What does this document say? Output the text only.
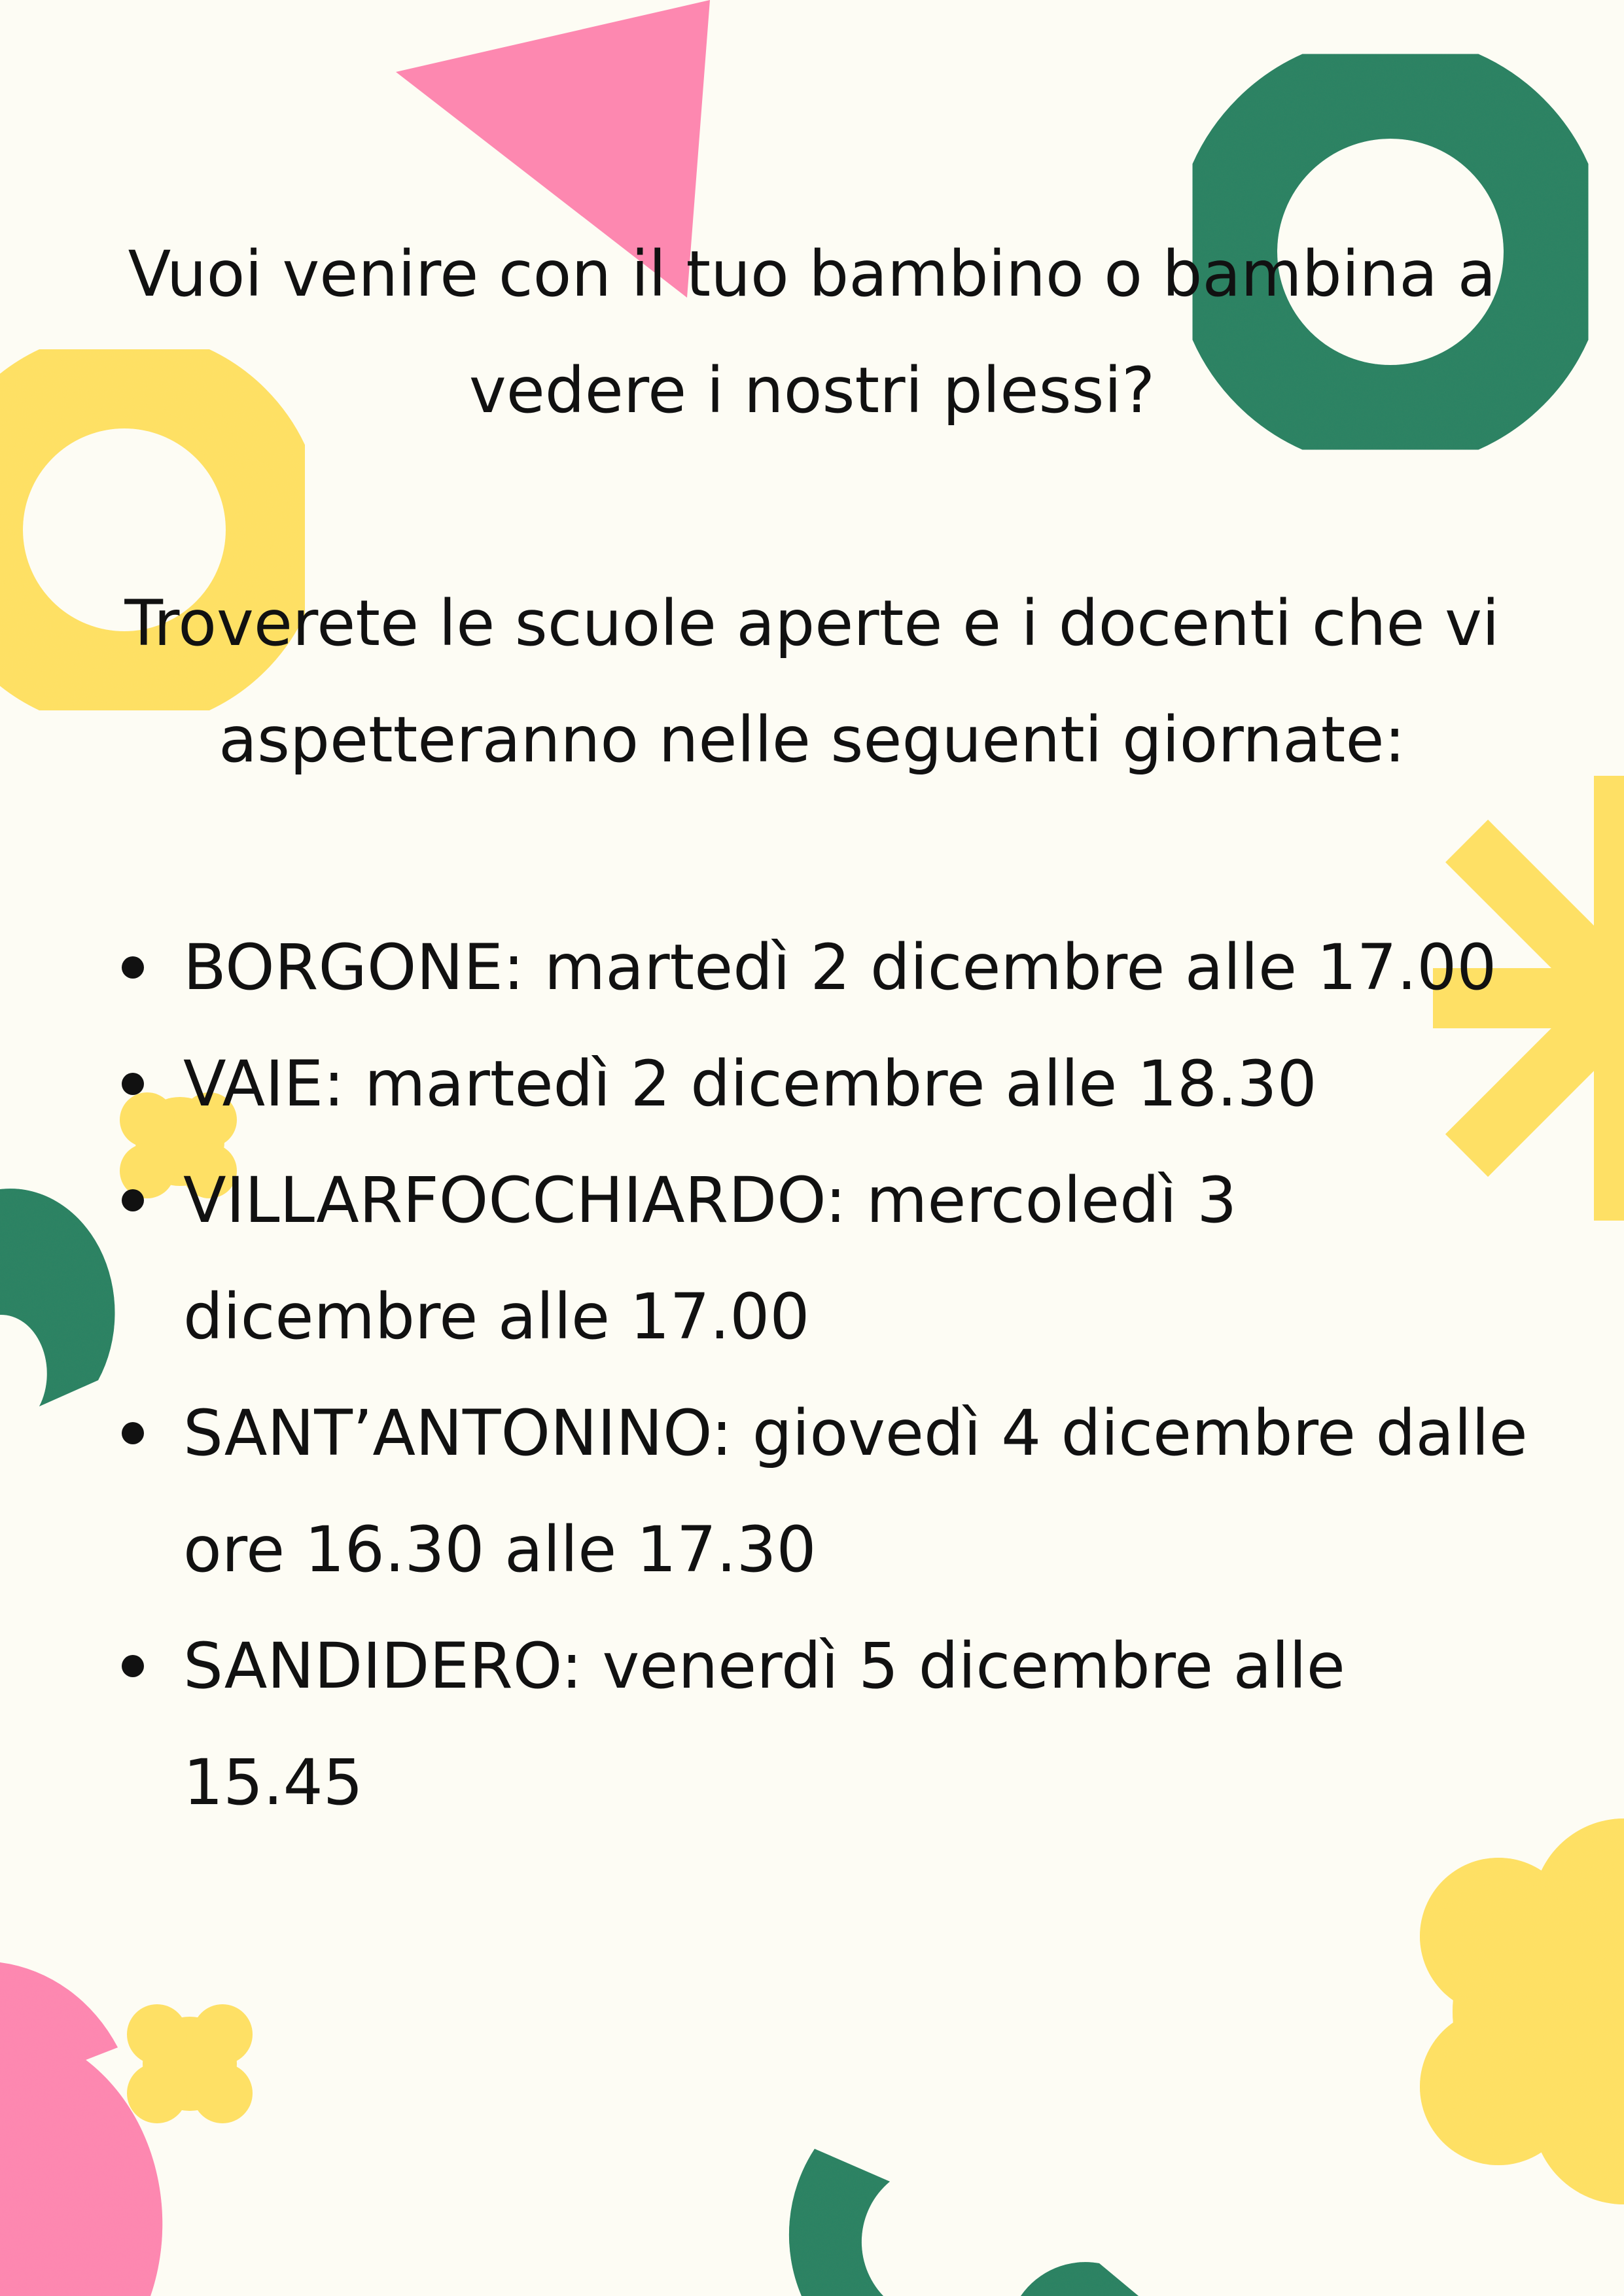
Vuoi venire con il tuo bambino o bambina a

vedere i nostri plessi?

Troverete le scuole aperte e i docenti che vi

aspetteranno nelle seguenti giornate:

BORGONE: martedì 2 dicembre alle 17.00
VAIE: martedì 2 dicembre alle 18.30
VILLARFOCCHIARDO: mercoledì 3 dicembre alle 17.00
SANT’ANTONINO: giovedì 4 dicembre dalle ore 16.30 alle 17.30
SANDIDERO: venerdì 5 dicembre alle 15.45
